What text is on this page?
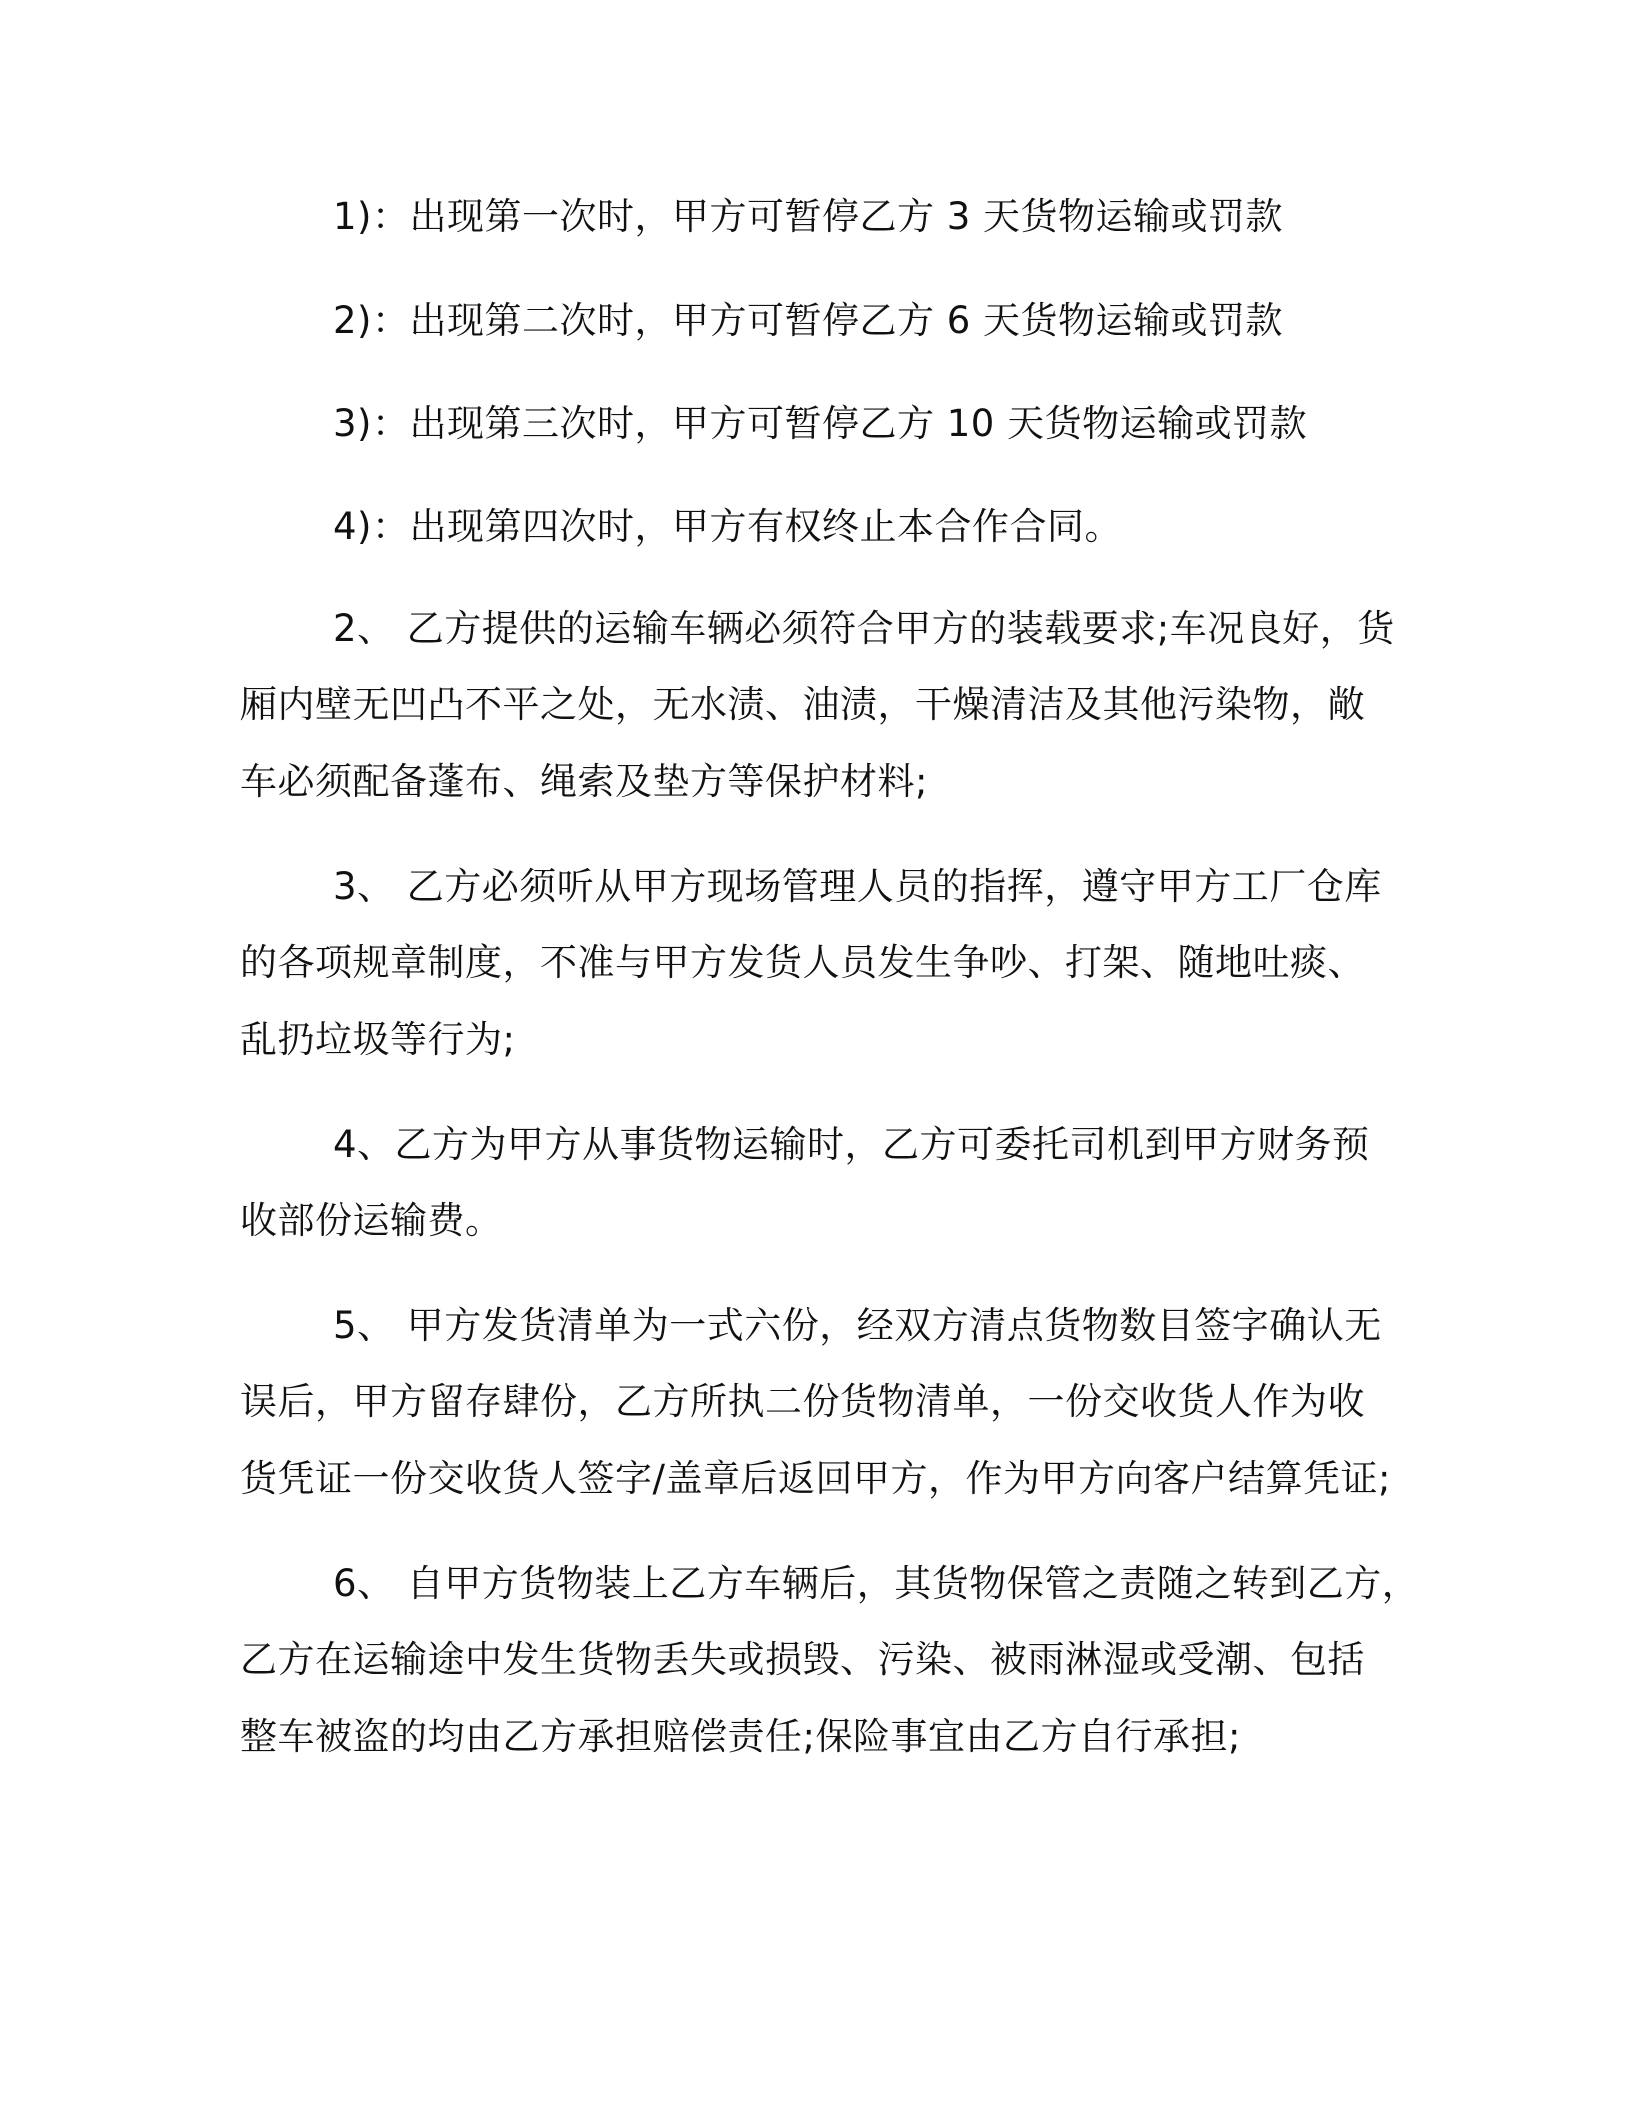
1)：出现第一次时，甲方可暂停乙方 3 天货物运输或罚款
2)：出现第二次时，甲方可暂停乙方 6 天货物运输或罚款
3)：出现第三次时，甲方可暂停乙方 10 天货物运输或罚款
4)：出现第四次时，甲方有权终止本合作合同。
2、 乙方提供的运输车辆必须符合甲方的装载要求;车况良好，货
厢内壁无凹凸不平之处，无水渍、油渍，干燥清洁及其他污染物，敞
车必须配备蓬布、绳索及垫方等保护材料;
3、 乙方必须听从甲方现场管理人员的指挥，遵守甲方工厂仓库
的各项规章制度，不准与甲方发货人员发生争吵、打架、随地吐痰、
乱扔垃圾等行为;
4、乙方为甲方从事货物运输时，乙方可委托司机到甲方财务预
收部份运输费。
5、 甲方发货清单为一式六份，经双方清点货物数目签字确认无
误后，甲方留存肆份，乙方所执二份货物清单，一份交收货人作为收
货凭证一份交收货人签字/盖章后返回甲方，作为甲方向客户结算凭证;
6、 自甲方货物装上乙方车辆后，其货物保管之责随之转到乙方，
乙方在运输途中发生货物丢失或损毁、污染、被雨淋湿或受潮、包括
整车被盗的均由乙方承担赔偿责任;保险事宜由乙方自行承担;
